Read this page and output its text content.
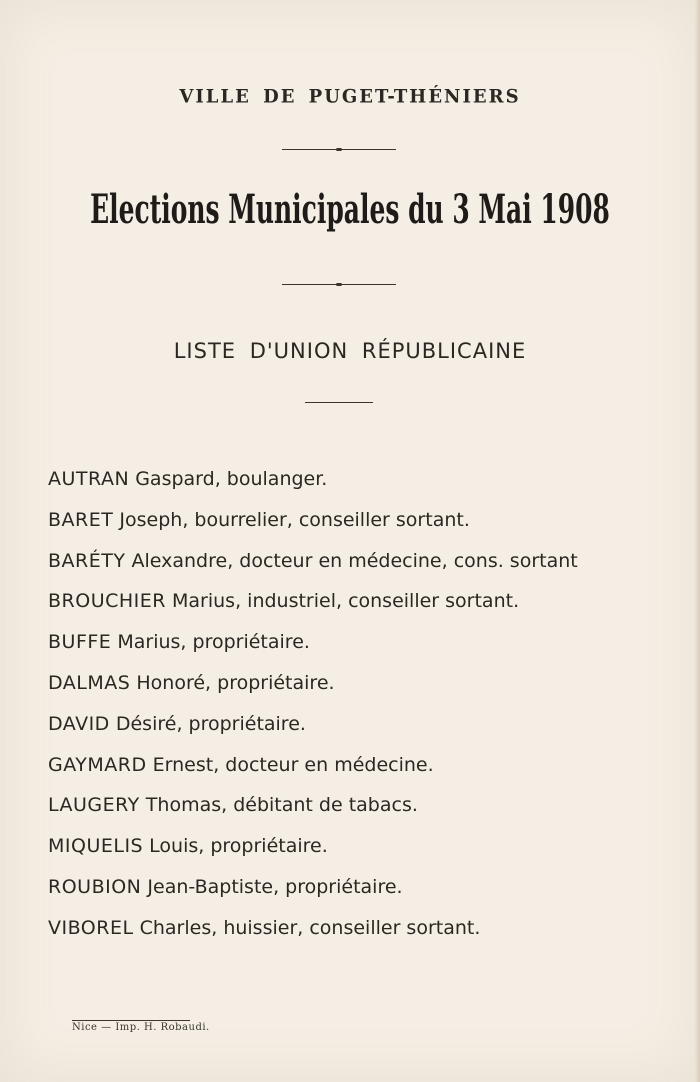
VILLE DE PUGET-THÉNIERS
Elections Municipales du 3 Mai 1908
LISTE D'UNION RÉPUBLICAINE
AUTRAN Gaspard, boulanger.
BARET Joseph, bourrelier, conseiller sortant.
BARÉTY Alexandre, docteur en médecine, cons. sortant
BROUCHIER Marius, industriel, conseiller sortant.
BUFFE Marius, propriétaire.
DALMAS Honoré, propriétaire.
DAVID Désiré, propriétaire.
GAYMARD Ernest, docteur en médecine.
LAUGERY Thomas, débitant de tabacs.
MIQUELIS Louis, propriétaire.
ROUBION Jean-Baptiste, propriétaire.
VIBOREL Charles, huissier, conseiller sortant.
Nice — Imp. H. Robaudi.
